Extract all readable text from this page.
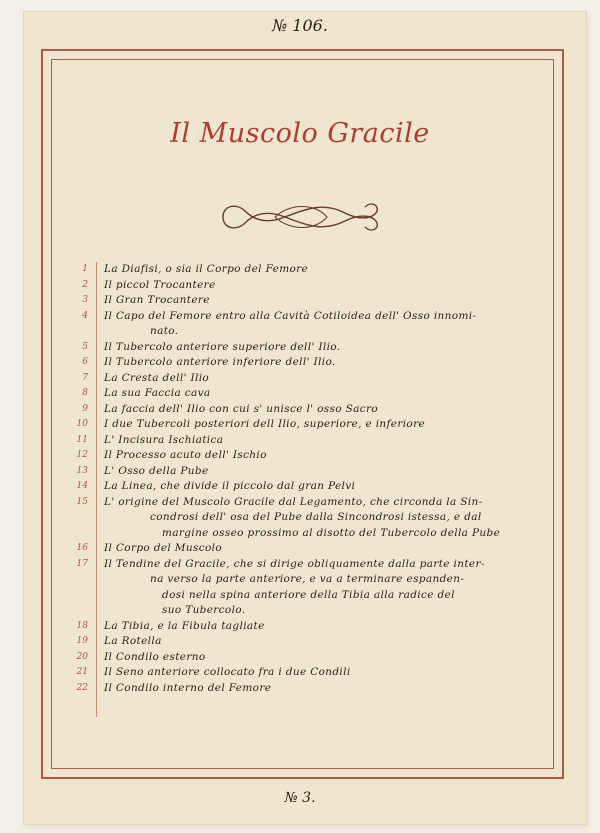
№ 106.
Il Muscolo Gracile
1	La Diafisi, o sia il Corpo del Femore
2	Il piccol Trocantere
3	Il Gran Trocantere
4	Il Capo del Femore entro alla Cavità Cotiloidea dell' Osso innomi-
nato.
5	Il Tubercolo anteriore superiore dell' Ilio.
6	Il Tubercolo anteriore inferiore dell' Ilio.
7	La Cresta dell' Ilio
8	La sua Faccia cava
9	La faccia dell' Ilio con cui s' unisce l' osso Sacro
10	I due Tubercoli posteriori dell Ilio, superiore, e inferiore
11	L' Incisura Ischiatica
12	Il Processo acuto dell' Ischio
13	L' Osso della Pube
14	La Linea, che divide il piccolo dal gran Pelvi
15	L' origine del Muscolo Gracile dal Legamento, che circonda la Sin-
condrosi dell' osa del Pube dalla Sincondrosi istessa, e dal
margine osseo prossimo al disotto del Tubercolo della Pube
16	Il Corpo del Muscolo
17	Il Tendine del Gracile, che si dirige obliquamente dalla parte inter-
na verso la parte anteriore, e va a terminare espanden-
dosi nella spina anteriore della Tibia alla radice del
suo Tubercolo.
18	La Tibia, e la Fibula tagliate
19	La Rotella
20	Il Condilo esterno
21	Il Seno anteriore collocato fra i due Condili
22	Il Condilo interno del Femore
№ 3.
